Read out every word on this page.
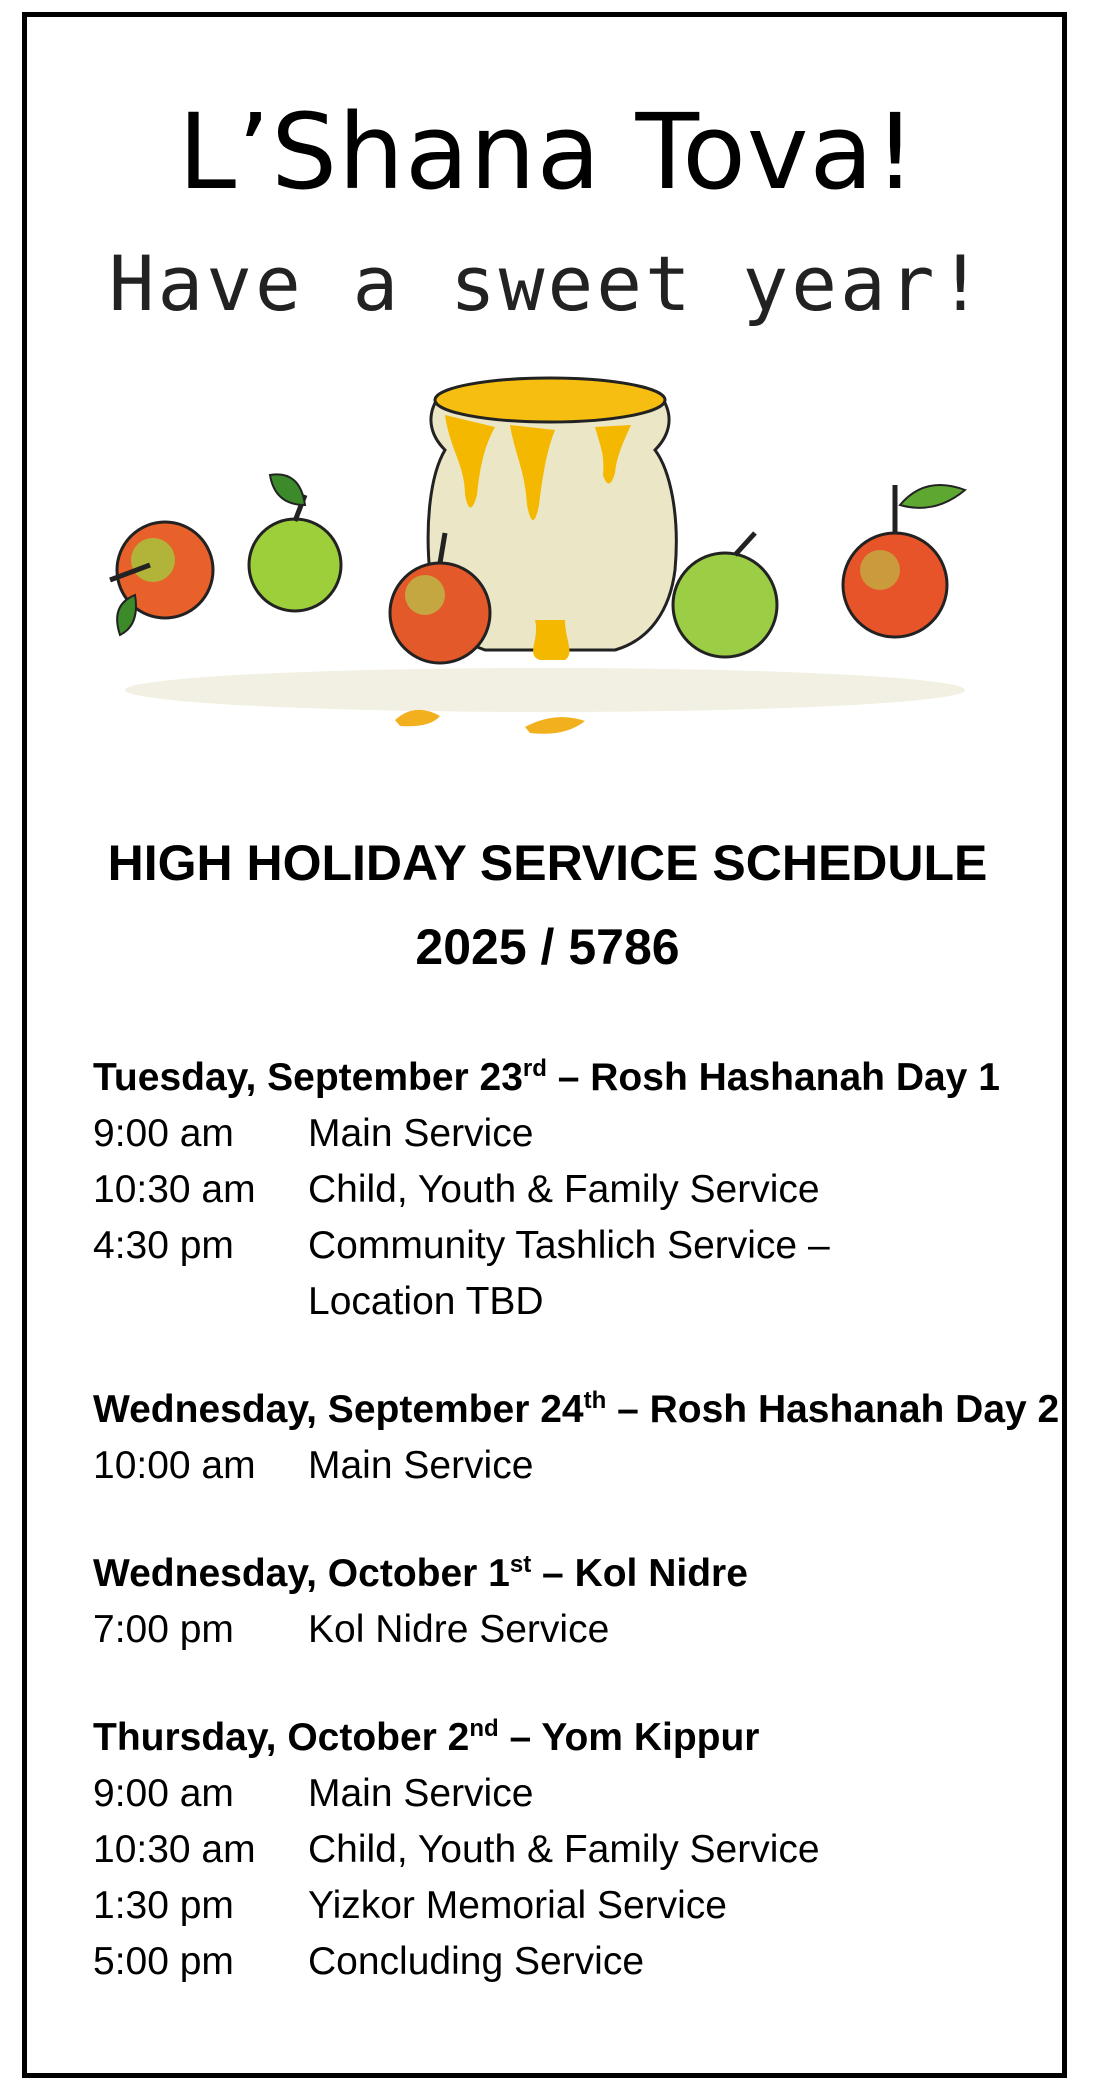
L’Shana Tova!
Have a sweet year!
HIGH HOLIDAY SERVICE SCHEDULE
2025 / 5786
Tuesday, September 23rd – Rosh Hashanah Day 1
9:00 am	Main Service
10:30 am	Child, Youth & Family Service
4:30 pm	Community Tashlich Service – Location TBD
Wednesday, September 24th – Rosh Hashanah Day 2
10:00 am	Main Service
Wednesday, October 1st – Kol Nidre
7:00 pm	Kol Nidre Service
Thursday, October 2nd – Yom Kippur
9:00 am	Main Service
10:30 am	Child, Youth & Family Service
1:30 pm	Yizkor Memorial Service
5:00 pm	Concluding Service
